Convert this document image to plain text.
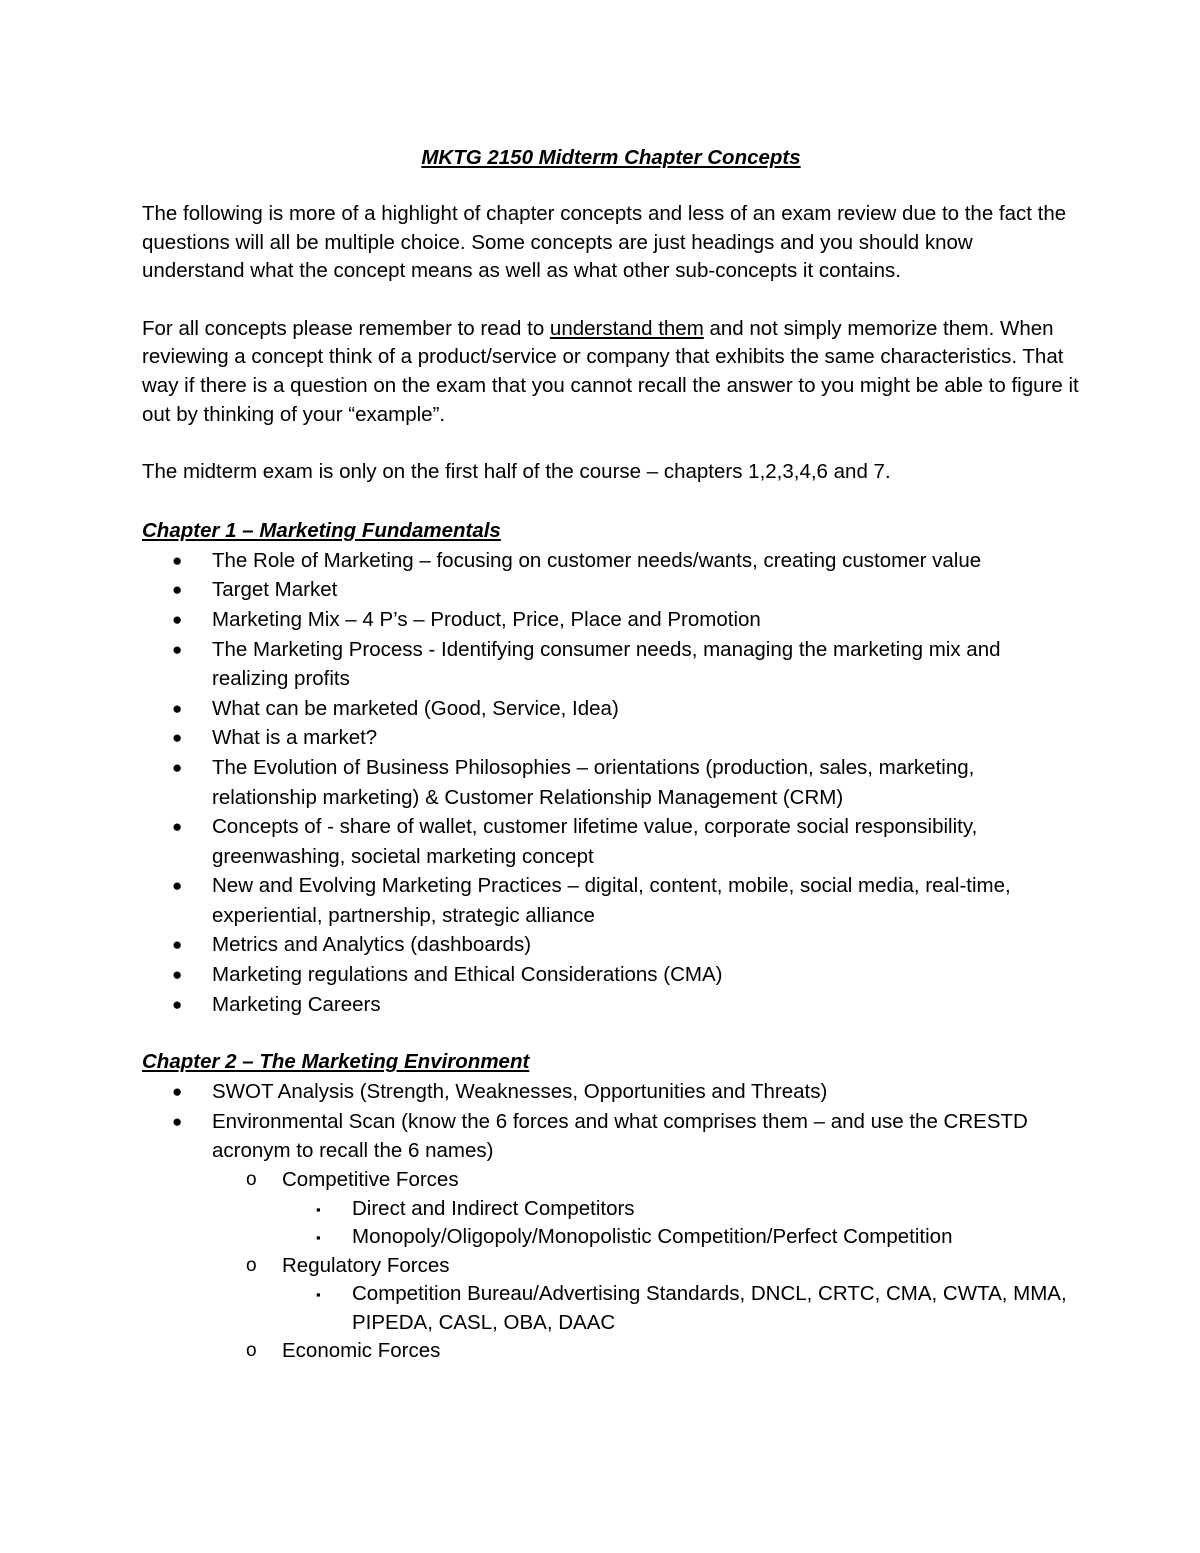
MKTG 2150 Midterm Chapter Concepts

The following is more of a highlight of chapter concepts and less of an exam review due to the fact the questions will all be multiple choice. Some concepts are just headings and you should know understand what the concept means as well as what other sub-concepts it contains.

For all concepts please remember to read to understand them and not simply memorize them. When reviewing a concept think of a product/service or company that exhibits the same characteristics. That way if there is a question on the exam that you cannot recall the answer to you might be able to figure it out by thinking of your “example”.

The midterm exam is only on the first half of the course – chapters 1,2,3,4,6 and 7.

Chapter 1 – Marketing Fundamentals
● The Role of Marketing – focusing on customer needs/wants, creating customer value
● Target Market
● Marketing Mix – 4 P’s – Product, Price, Place and Promotion
● The Marketing Process - Identifying consumer needs, managing the marketing mix and realizing profits
● What can be marketed (Good, Service, Idea)
● What is a market?
● The Evolution of Business Philosophies – orientations (production, sales, marketing, relationship marketing) & Customer Relationship Management (CRM)
● Concepts of - share of wallet, customer lifetime value, corporate social responsibility, greenwashing, societal marketing concept
● New and Evolving Marketing Practices – digital, content, mobile, social media, real-time, experiential, partnership, strategic alliance
● Metrics and Analytics (dashboards)
● Marketing regulations and Ethical Considerations (CMA)
● Marketing Careers
Chapter 2 – The Marketing Environment
● SWOT Analysis (Strength, Weaknesses, Opportunities and Threats)
● Environmental Scan (know the 6 forces and what comprises them – and use the CRESTD acronym to recall the 6 names)
o Competitive Forces
▪ Direct and Indirect Competitors
▪ Monopoly/Oligopoly/Monopolistic Competition/Perfect Competition
o Regulatory Forces
▪ Competition Bureau/Advertising Standards, DNCL, CRTC, CMA, CWTA, MMA, PIPEDA, CASL, OBA, DAAC
o Economic Forces
